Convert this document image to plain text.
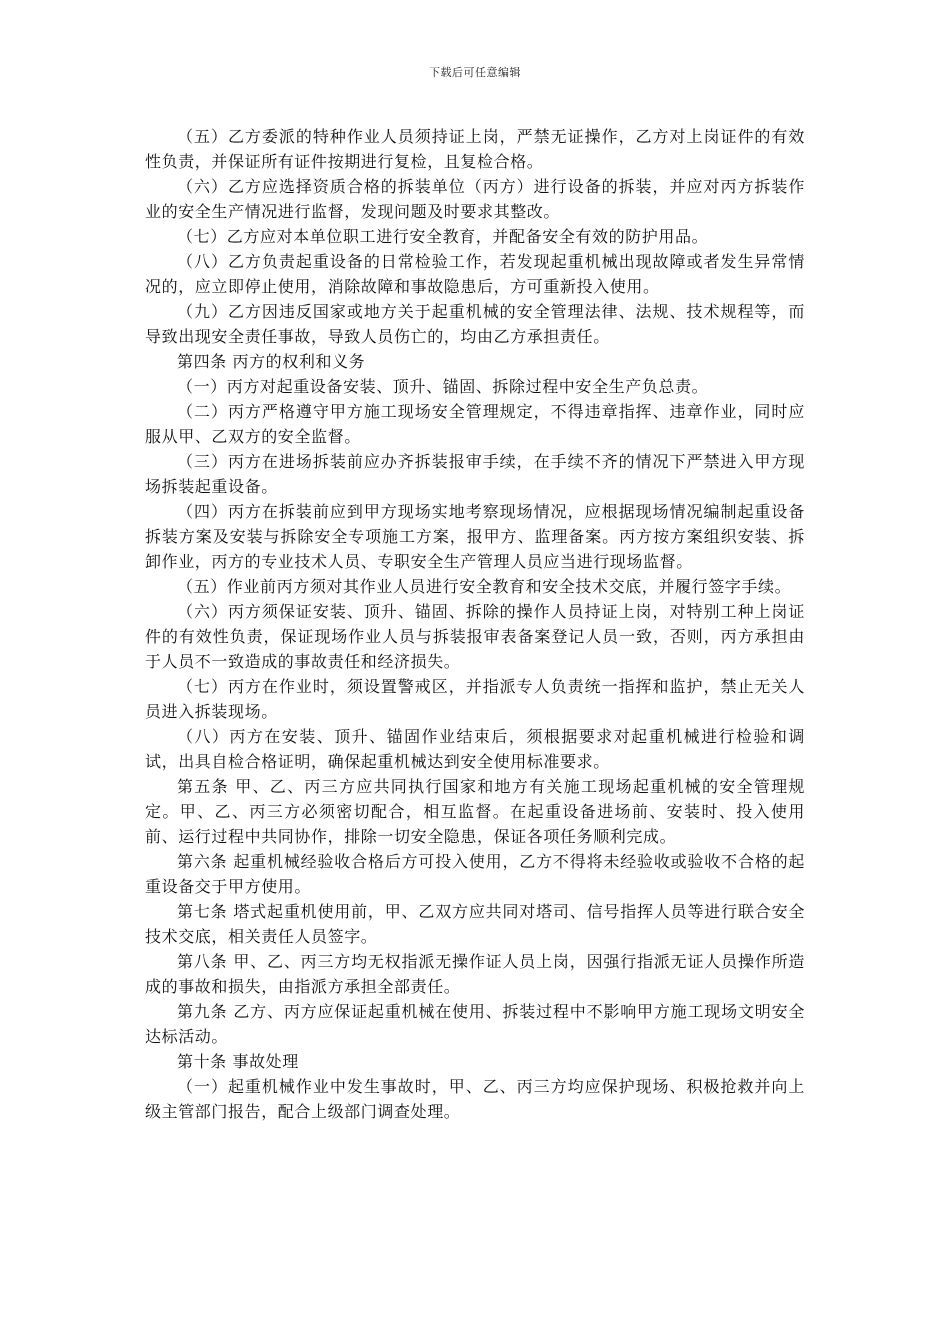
下载后可任意编辑

（五）乙方委派的特种作业人员须持证上岗，严禁无证操作，乙方对上岗证件的有效性负责，并保证所有证件按期进行复检，且复检合格。

（六）乙方应选择资质合格的拆装单位（丙方）进行设备的拆装，并应对丙方拆装作业的安全生产情况进行监督，发现问题及时要求其整改。

（七）乙方应对本单位职工进行安全教育，并配备安全有效的防护用品。

（八）乙方负责起重设备的日常检验工作，若发现起重机械出现故障或者发生异常情况的，应立即停止使用，消除故障和事故隐患后，方可重新投入使用。

（九）乙方因违反国家或地方关于起重机械的安全管理法律、法规、技术规程等，而导致出现安全责任事故，导致人员伤亡的，均由乙方承担责任。

第四条 丙方的权利和义务

（一）丙方对起重设备安装、顶升、锚固、拆除过程中安全生产负总责。

（二）丙方严格遵守甲方施工现场安全管理规定，不得违章指挥、违章作业，同时应服从甲、乙双方的安全监督。

（三）丙方在进场拆装前应办齐拆装报审手续，在手续不齐的情况下严禁进入甲方现场拆装起重设备。

（四）丙方在拆装前应到甲方现场实地考察现场情况，应根据现场情况编制起重设备拆装方案及安装与拆除安全专项施工方案，报甲方、监理备案。丙方按方案组织安装、拆卸作业，丙方的专业技术人员、专职安全生产管理人员应当进行现场监督。

（五）作业前丙方须对其作业人员进行安全教育和安全技术交底，并履行签字手续。

（六）丙方须保证安装、顶升、锚固、拆除的操作人员持证上岗，对特别工种上岗证件的有效性负责，保证现场作业人员与拆装报审表备案登记人员一致，否则，丙方承担由于人员不一致造成的事故责任和经济损失。

（七）丙方在作业时，须设置警戒区，并指派专人负责统一指挥和监护，禁止无关人员进入拆装现场。

（八）丙方在安装、顶升、锚固作业结束后，须根据要求对起重机械进行检验和调试，出具自检合格证明，确保起重机械达到安全使用标准要求。

第五条 甲、乙、丙三方应共同执行国家和地方有关施工现场起重机械的安全管理规定。甲、乙、丙三方必须密切配合，相互监督。在起重设备进场前、安装时、投入使用前、运行过程中共同协作，排除一切安全隐患，保证各项任务顺利完成。

第六条 起重机械经验收合格后方可投入使用，乙方不得将未经验收或验收不合格的起重设备交于甲方使用。

第七条 塔式起重机使用前，甲、乙双方应共同对塔司、信号指挥人员等进行联合安全技术交底，相关责任人员签字。

第八条 甲、乙、丙三方均无权指派无操作证人员上岗，因强行指派无证人员操作所造成的事故和损失，由指派方承担全部责任。

第九条 乙方、丙方应保证起重机械在使用、拆装过程中不影响甲方施工现场文明安全达标活动。

第十条 事故处理

（一）起重机械作业中发生事故时，甲、乙、丙三方均应保护现场、积极抢救并向上级主管部门报告，配合上级部门调查处理。
